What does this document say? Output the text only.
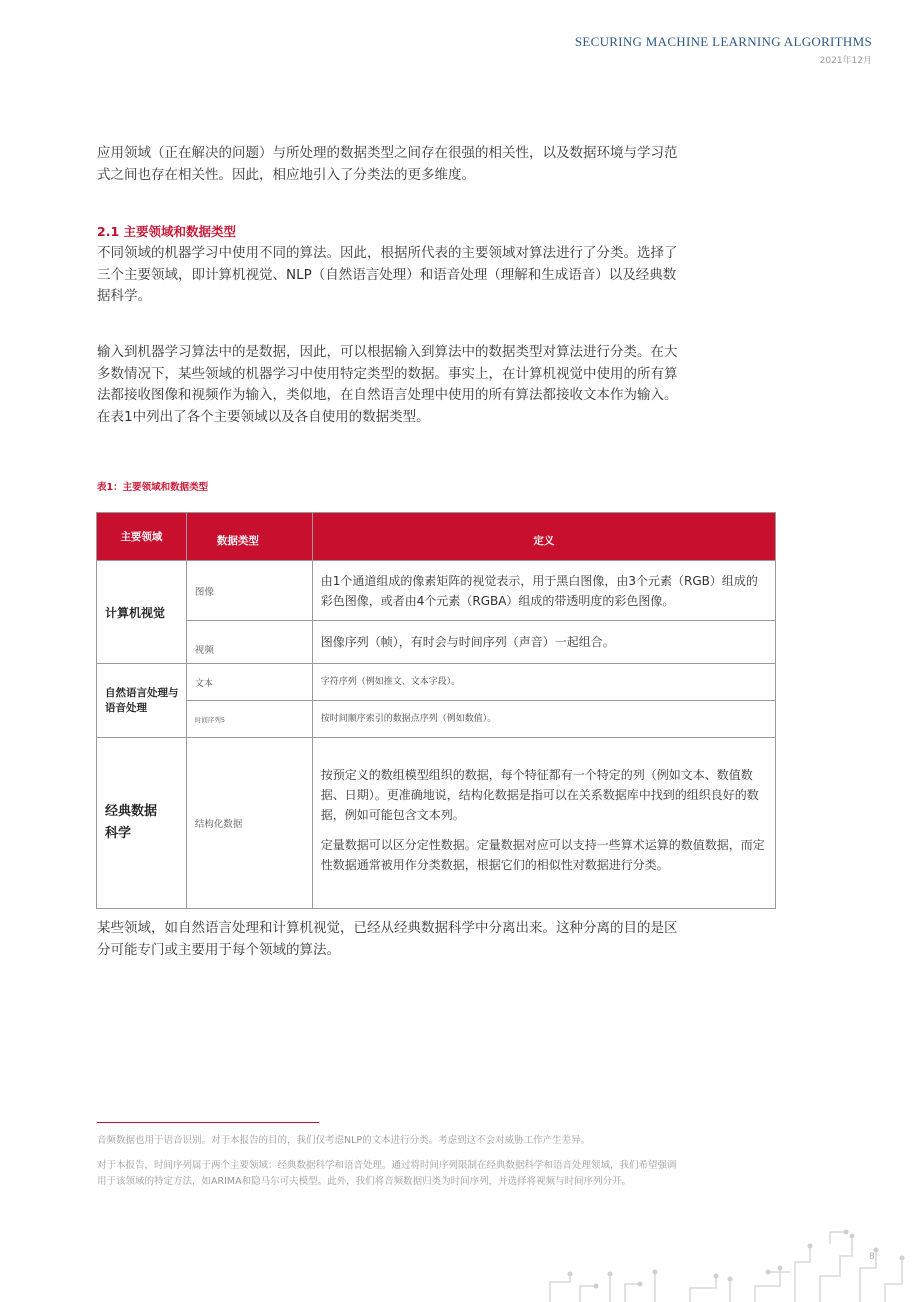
SECURING MACHINE LEARNING ALGORITHMS
2021年12月

应用领域（正在解决的问题）与所处理的数据类型之间存在很强的相关性，以及数据环境与学习范式之间也存在相关性。因此，相应地引入了分类法的更多维度。

2.1 主要领域和数据类型

不同领域的机器学习中使用不同的算法。因此，根据所代表的主要领域对算法进行了分类。选择了三个主要领域，即计算机视觉、NLP（自然语言处理）和语音处理（理解和生成语音）以及经典数据科学。

输入到机器学习算法中的是数据，因此，可以根据输入到算法中的数据类型对算法进行分类。在大多数情况下，某些领域的机器学习中使用特定类型的数据。事实上，在计算机视觉中使用的所有算法都接收图像和视频作为输入，类似地，在自然语言处理中使用的所有算法都接收文本作为输入。在表1中列出了各个主要领域以及各自使用的数据类型。

表1：主要领域和数据类型
主要领域	数据类型	定义
计算机视觉	图像	由1个通道组成的像素矩阵的视觉表示，用于黑白图像，由3个元素（RGB）组成的彩色图像，或者由4个元素（RGBA）组成的带透明度的彩色图像。
	视频	图像序列（帧），有时会与时间序列（声音）一起组合。
自然语言处理与语音处理	文本	字符序列（例如推文、文本字段）。
	时间序列5	按时间顺序索引的数据点序列（例如数值）。
经典数据科学	结构化数据	按预定义的数组模型组织的数据，每个特征都有一个特定的列（例如文本、数值数据、日期）。更准确地说，结构化数据是指可以在关系数据库中找到的组织良好的数据，例如可能包含文本列。
定量数据可以区分定性数据。定量数据对应可以支持一些算术运算的数值数据，而定性数据通常被用作分类数据，根据它们的相似性对数据进行分类。

某些领域，如自然语言处理和计算机视觉，已经从经典数据科学中分离出来。这种分离的目的是区分可能专门或主要用于每个领域的算法。

音频数据也用于语音识别。对于本报告的目的，我们仅考虑NLP的文本进行分类。考虑到这不会对威胁工作产生差异。

对于本报告，时间序列属于两个主要领域：经典数据科学和语音处理。通过将时间序列限制在经典数据科学和语音处理领域，我们希望强调用于该领域的特定方法，如ARIMA和隐马尔可夫模型。此外，我们将音频数据归类为时间序列，并选择将视频与时间序列分开。

8
